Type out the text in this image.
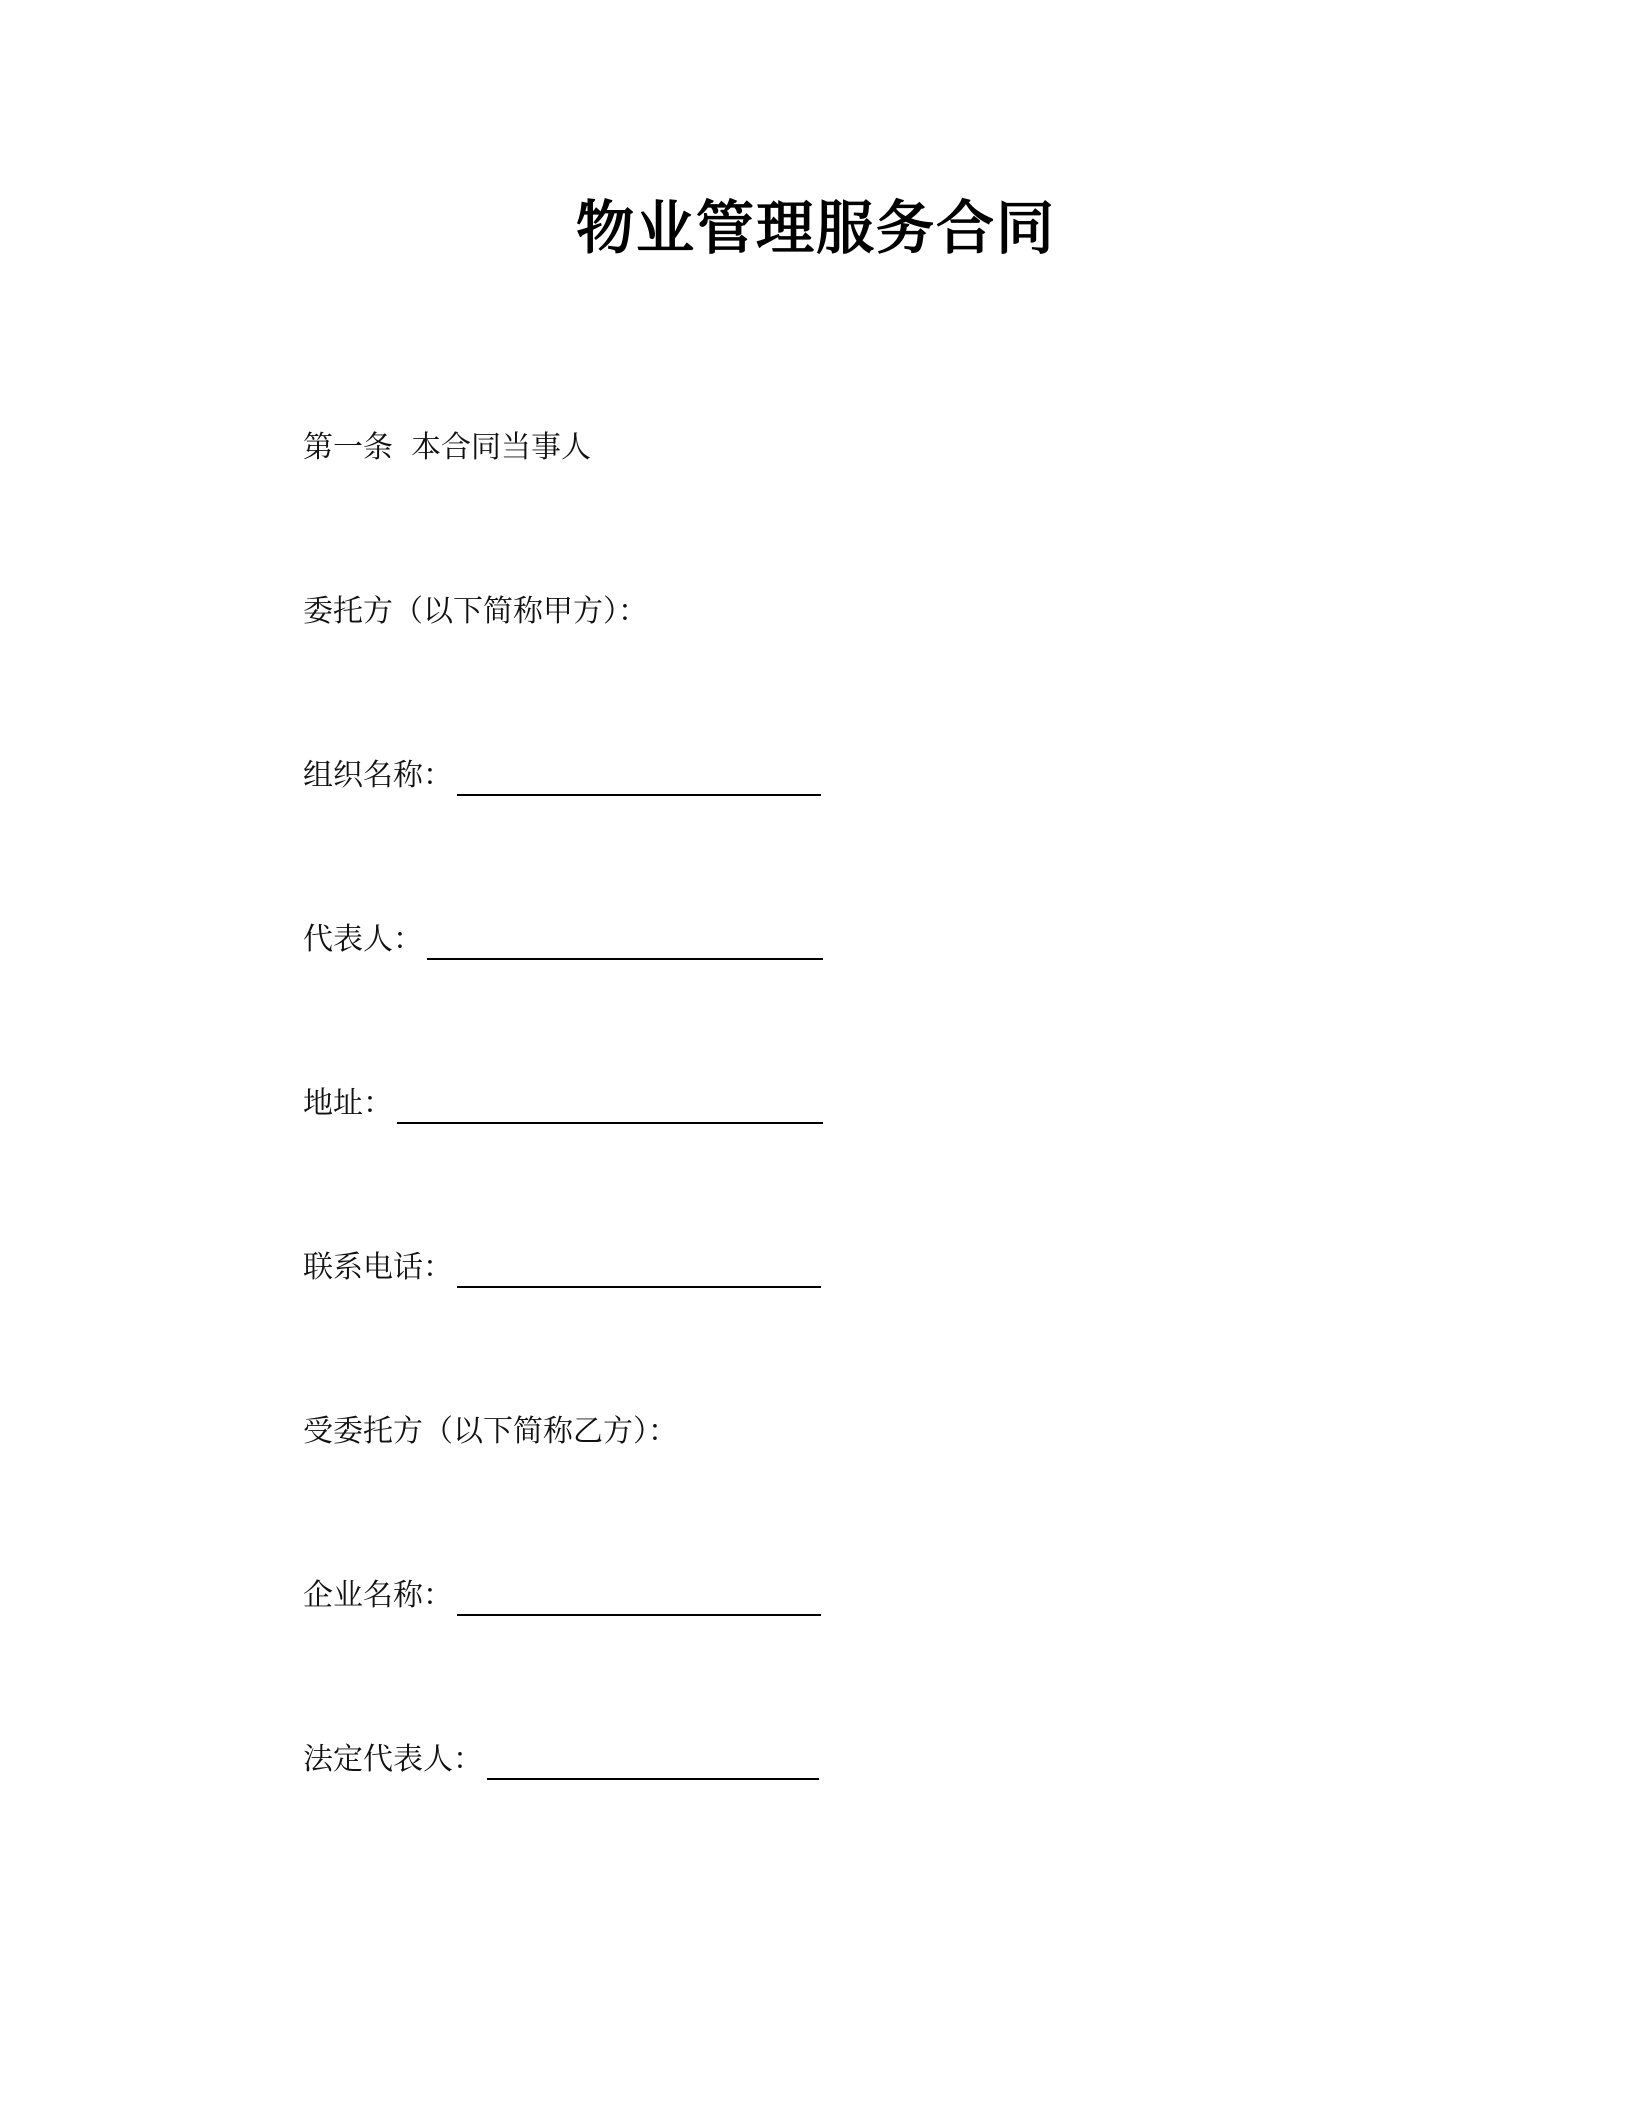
物业管理服务合同
第一条 本合同当事人
委托方（以下简称甲方）：
组织名称：
代表人：
地址：
联系电话：
受委托方（以下简称乙方）：
企业名称：
法定代表人：
